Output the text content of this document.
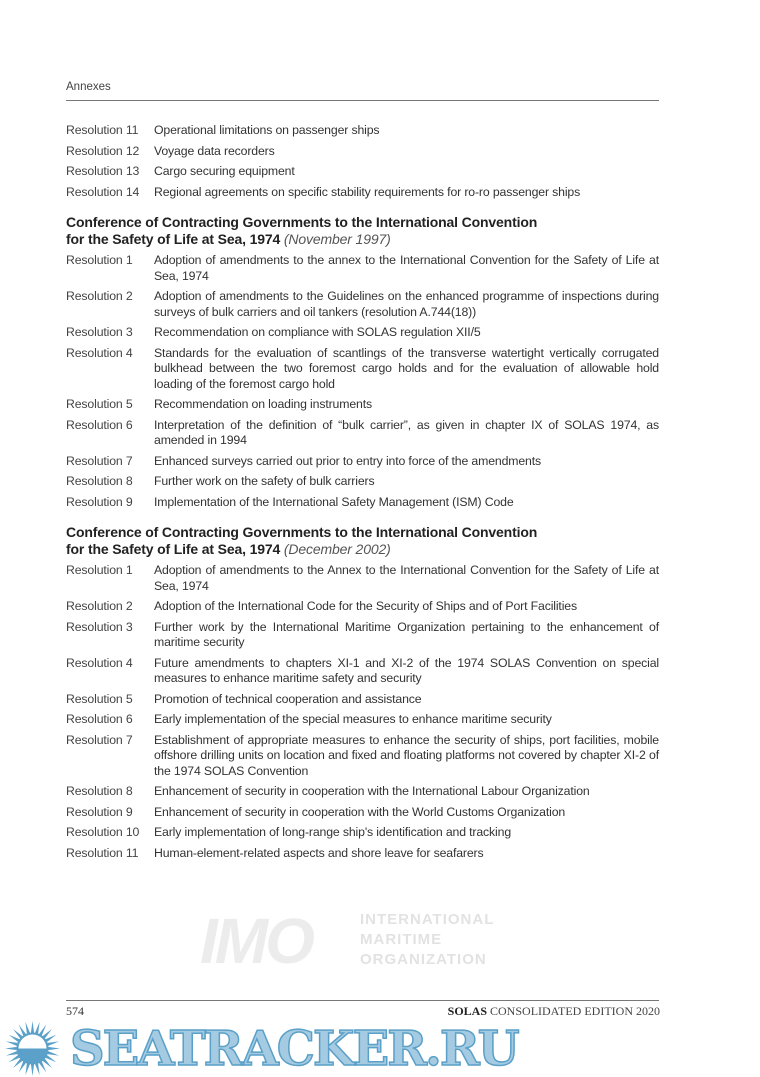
Annexes
Resolution 11	Operational limitations on passenger ships
Resolution 12	Voyage data recorders
Resolution 13	Cargo securing equipment
Resolution 14	Regional agreements on specific stability requirements for ro-ro passenger ships
Conference of Contracting Governments to the International Convention
for the Safety of Life at Sea, 1974 (November 1997)
Resolution 1	Adoption of amendments to the annex to the International Convention for the Safety of Life at Sea, 1974
Resolution 2	Adoption of amendments to the Guidelines on the enhanced programme of inspections during surveys of bulk carriers and oil tankers (resolution A.744(18))
Resolution 3	Recommendation on compliance with SOLAS regulation XII/5
Resolution 4	Standards for the evaluation of scantlings of the transverse watertight vertically corrugated bulkhead between the two foremost cargo holds and for the evaluation of allowable hold loading of the foremost cargo hold
Resolution 5	Recommendation on loading instruments
Resolution 6	Interpretation of the definition of “bulk carrier”, as given in chapter IX of SOLAS 1974, as amended in 1994
Resolution 7	Enhanced surveys carried out prior to entry into force of the amendments
Resolution 8	Further work on the safety of bulk carriers
Resolution 9	Implementation of the International Safety Management (ISM) Code
Conference of Contracting Governments to the International Convention
for the Safety of Life at Sea, 1974 (December 2002)
Resolution 1	Adoption of amendments to the Annex to the International Convention for the Safety of Life at Sea, 1974
Resolution 2	Adoption of the International Code for the Security of Ships and of Port Facilities
Resolution 3	Further work by the International Maritime Organization pertaining to the enhancement of maritime security
Resolution 4	Future amendments to chapters XI-1 and XI-2 of the 1974 SOLAS Convention on special measures to enhance maritime safety and security
Resolution 5	Promotion of technical cooperation and assistance
Resolution 6	Early implementation of the special measures to enhance maritime security
Resolution 7	Establishment of appropriate measures to enhance the security of ships, port facilities, mobile offshore drilling units on location and fixed and floating platforms not covered by chapter XI-2 of the 1974 SOLAS Convention
Resolution 8	Enhancement of security in cooperation with the International Labour Organization
Resolution 9	Enhancement of security in cooperation with the World Customs Organization
Resolution 10	Early implementation of long-range ship's identification and tracking
Resolution 11	Human-element-related aspects and shore leave for seafarers
IMO	INTERNATIONAL
MARITIME
ORGANIZATION
574	SOLAS CONSOLIDATED EDITION 2020
SEATRACKER.RU
